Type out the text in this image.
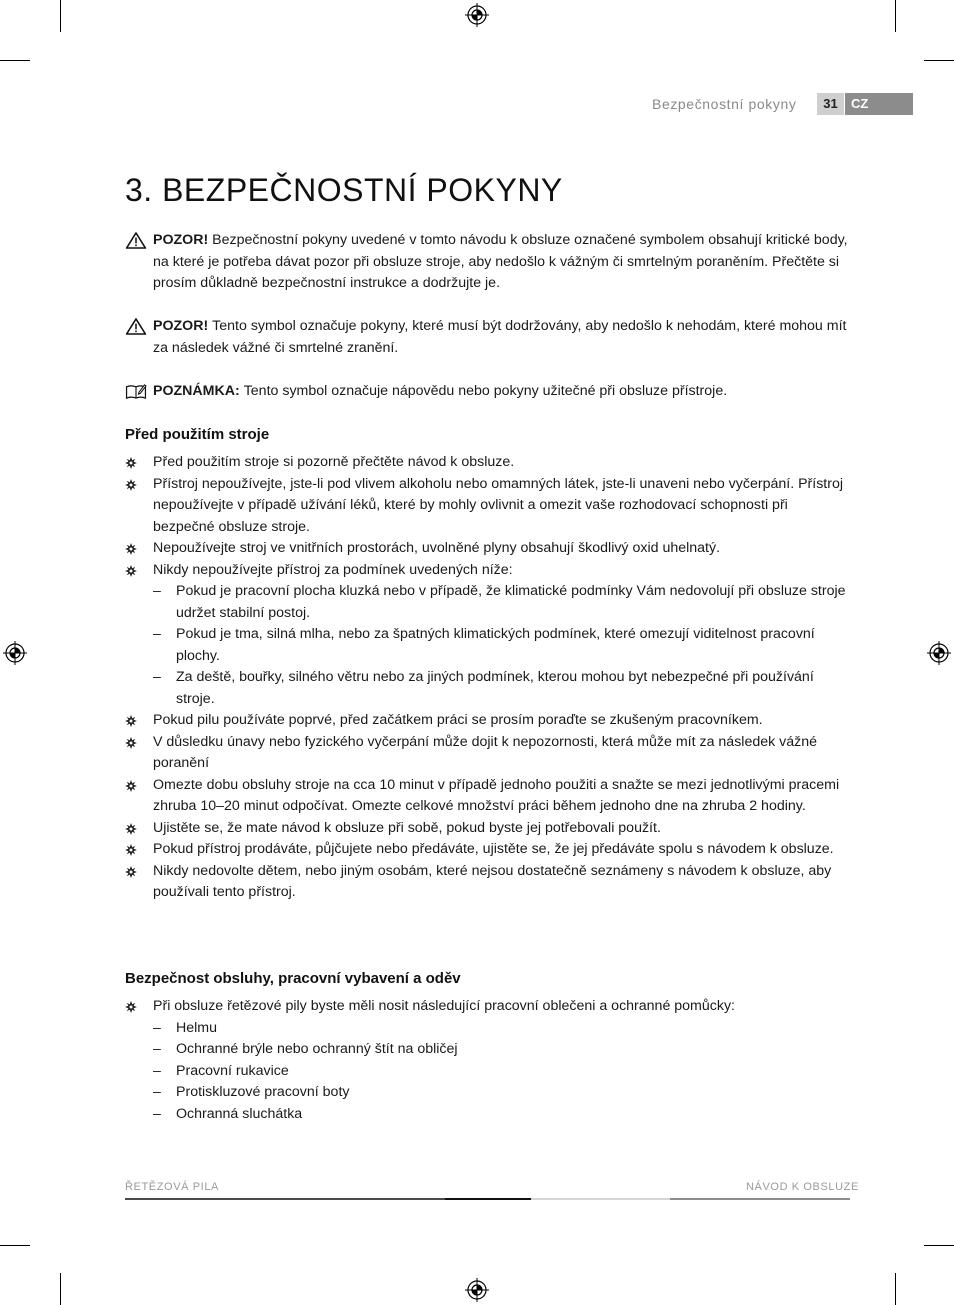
Bezpečnostní pokyny	31	CZ
3. BEZPEČNOSTNÍ POKYNY
POZOR! Bezpečnostní pokyny uvedené v tomto návodu k obsluze označené symbolem obsahují kritické body, na které je potřeba dávat pozor při obsluze stroje, aby nedošlo k vážným či smrtelným poraněním. Přečtěte si prosím důkladně bezpečnostní instrukce a dodržujte je.
POZOR! Tento symbol označuje pokyny, které musí být dodržovány, aby nedošlo k nehodám, které mohou mít za následek vážné či smrtelné zranění.
POZNÁMKA: Tento symbol označuje nápovědu nebo pokyny užitečné při obsluze přístroje.
Před použitím stroje
Před použitím stroje si pozorně přečtěte návod k obsluze.
Přístroj nepoužívejte, jste-li pod vlivem alkoholu nebo omamných látek, jste-li unaveni nebo vyčerpání. Přístroj nepoužívejte v případě užívání léků, které by mohly ovlivnit a omezit vaše rozhodovací schopnosti při bezpečné obsluze stroje.
Nepoužívejte stroj ve vnitřních prostorách, uvolněné plyny obsahují škodlivý oxid uhelnatý.
Nikdy nepoužívejte přístroj za podmínek uvedených níže:
– Pokud je pracovní plocha kluzká nebo v případě, že klimatické podmínky Vám nedovolují při obsluze stroje udržet stabilní postoj.
– Pokud je tma, silná mlha, nebo za špatných klimatických podmínek, které omezují viditelnost pracovní plochy.
– Za deště, bouřky, silného větru nebo za jiných podmínek, kterou mohou byt nebezpečné při používání stroje.
Pokud pilu používáte poprvé, před začátkem práci se prosím poraďte se zkušeným pracovníkem.
V důsledku únavy nebo fyzického vyčerpání může dojit k nepozornosti, která může mít za následek vážné poranění
Omezte dobu obsluhy stroje na cca 10 minut v případě jednoho použiti a snažte se mezi jednotlivými pracemi zhruba 10–20 minut odpočívat. Omezte celkové množství práci během jednoho dne na zhruba 2 hodiny.
Ujistěte se, že mate návod k obsluze při sobě, pokud byste jej potřebovali použít.
Pokud přístroj prodáváte, půjčujete nebo předáváte, ujistěte se, že jej předáváte spolu s návodem k obsluze.
Nikdy nedovolte dětem, nebo jiným osobám, které nejsou dostatečně seznámeny s návodem k obsluze, aby používali tento přístroj.
Bezpečnost obsluhy, pracovní vybavení a oděv
Při obsluze řetězové pily byste měli nosit následující pracovní oblečeni a ochranné pomůcky:
– Helmu
– Ochranné brýle nebo ochranný štít na obličej
– Pracovní rukavice
– Protiskluzové pracovní boty
– Ochranná sluchátka
ŘETĚZOVÁ PILA	NÁVOD K OBSLUZE
